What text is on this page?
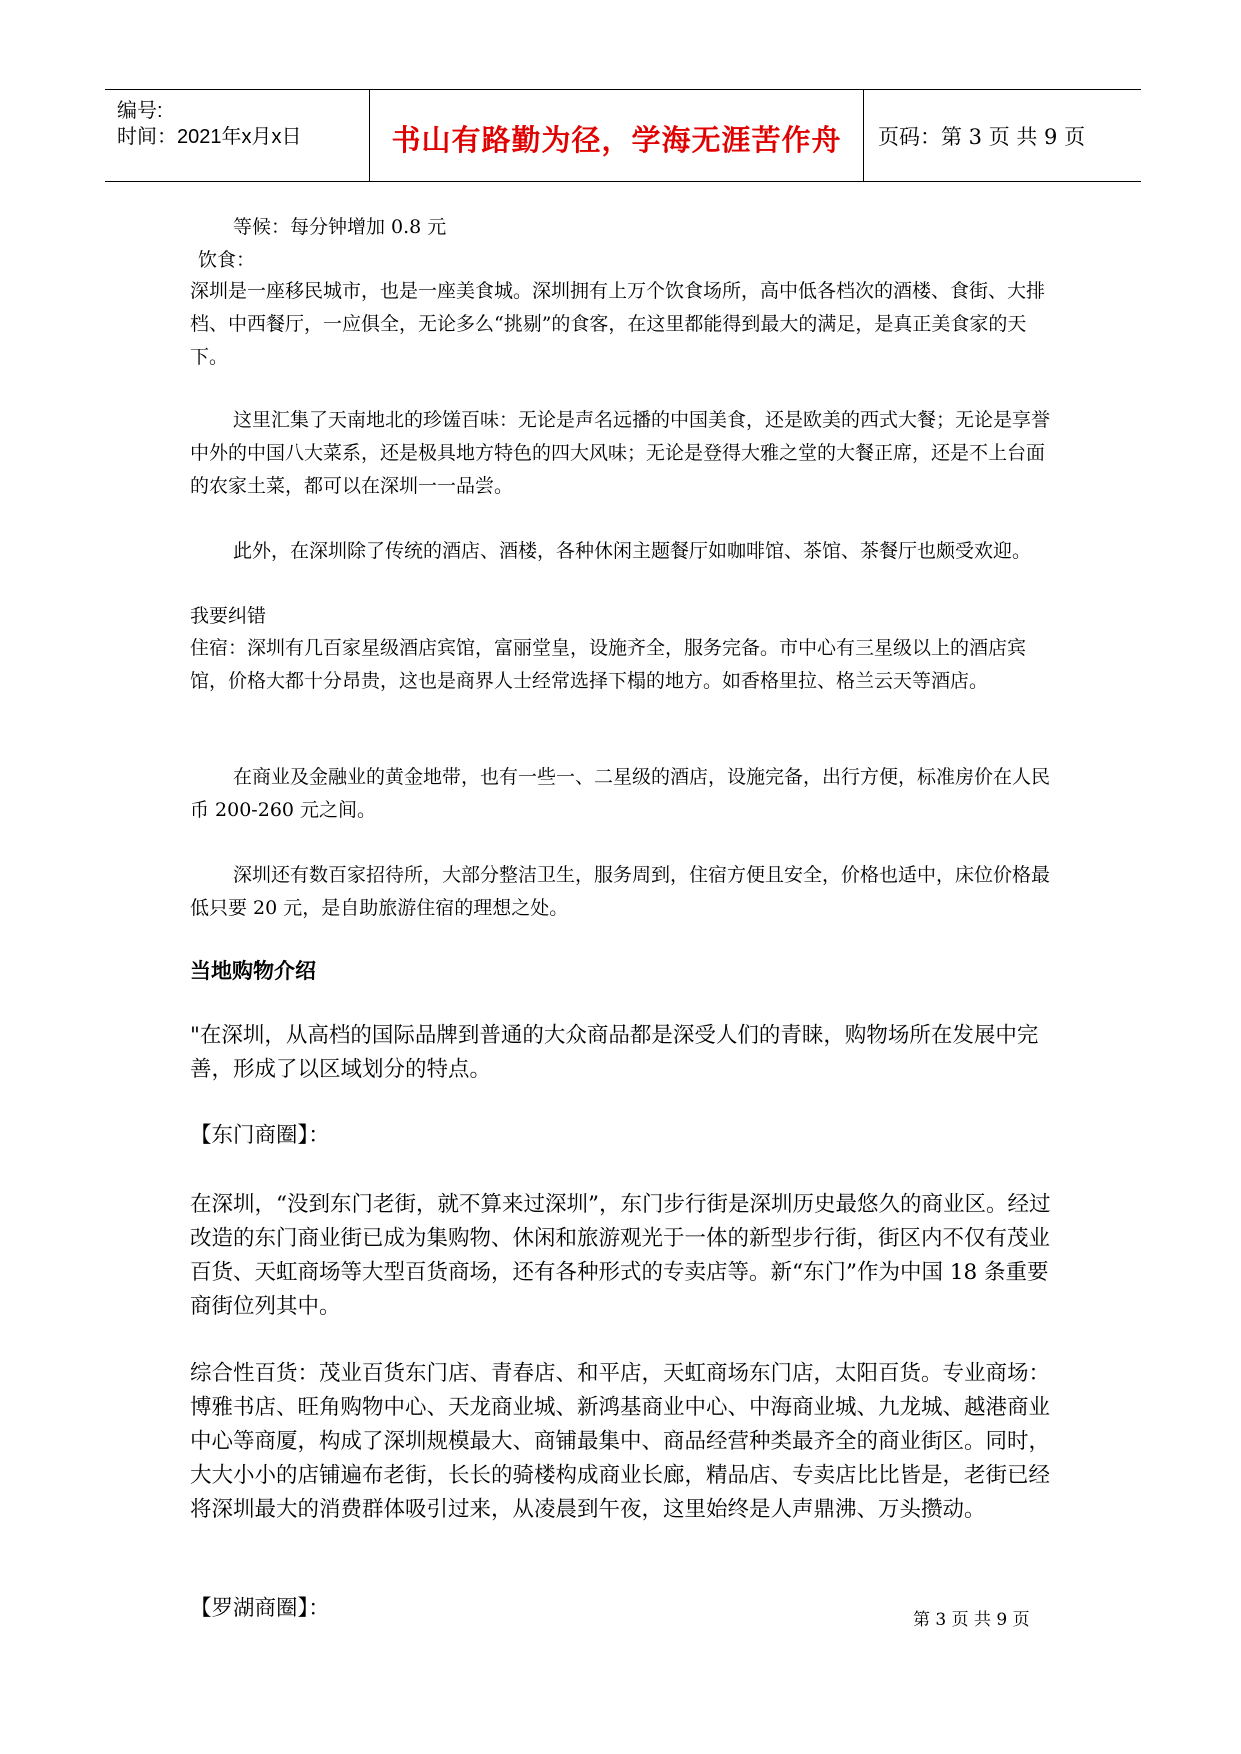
编号:
时间：2021年x月x日	书山有路勤为径，学海无涯苦作舟	页码：第 3 页 共 9 页

等候：每分钟增加 0.8 元

饮食：

深圳是一座移民城市，也是一座美食城。深圳拥有上万个饮食场所，高中低各档次的酒楼、食街、大排档、中西餐厅，一应俱全，无论多么“挑剔”的食客，在这里都能得到最大的满足，是真正美食家的天下。

这里汇集了天南地北的珍馐百味：无论是声名远播的中国美食，还是欧美的西式大餐；无论是享誉中外的中国八大菜系，还是极具地方特色的四大风味；无论是登得大雅之堂的大餐正席，还是不上台面的农家土菜，都可以在深圳一一品尝。

此外，在深圳除了传统的酒店、酒楼，各种休闲主题餐厅如咖啡馆、茶馆、茶餐厅也颇受欢迎。

我要纠错

住宿：深圳有几百家星级酒店宾馆，富丽堂皇，设施齐全，服务完备。市中心有三星级以上的酒店宾馆，价格大都十分昂贵，这也是商界人士经常选择下榻的地方。如香格里拉、格兰云天等酒店。

在商业及金融业的黄金地带，也有一些一、二星级的酒店，设施完备，出行方便，标准房价在人民币 200-260 元之间。

深圳还有数百家招待所，大部分整洁卫生，服务周到，住宿方便且安全，价格也适中，床位价格最低只要 20 元，是自助旅游住宿的理想之处。

当地购物介绍

"在深圳，从高档的国际品牌到普通的大众商品都是深受人们的青睐，购物场所在发展中完善，形成了以区域划分的特点。

【东门商圈】：

在深圳，“没到东门老街，就不算来过深圳”，东门步行街是深圳历史最悠久的商业区。经过改造的东门商业街已成为集购物、休闲和旅游观光于一体的新型步行街，街区内不仅有茂业百货、天虹商场等大型百货商场，还有各种形式的专卖店等。新“东门”作为中国 18 条重要商街位列其中。

综合性百货：茂业百货东门店、青春店、和平店，天虹商场东门店，太阳百货。专业商场：博雅书店、旺角购物中心、天龙商业城、新鸿基商业中心、中海商业城、九龙城、越港商业中心等商厦，构成了深圳规模最大、商铺最集中、商品经营种类最齐全的商业街区。同时，大大小小的店铺遍布老街，长长的骑楼构成商业长廊，精品店、专卖店比比皆是，老街已经将深圳最大的消费群体吸引过来，从凌晨到午夜，这里始终是人声鼎沸、万头攒动。

【罗湖商圈】：	第 3 页 共 9 页
